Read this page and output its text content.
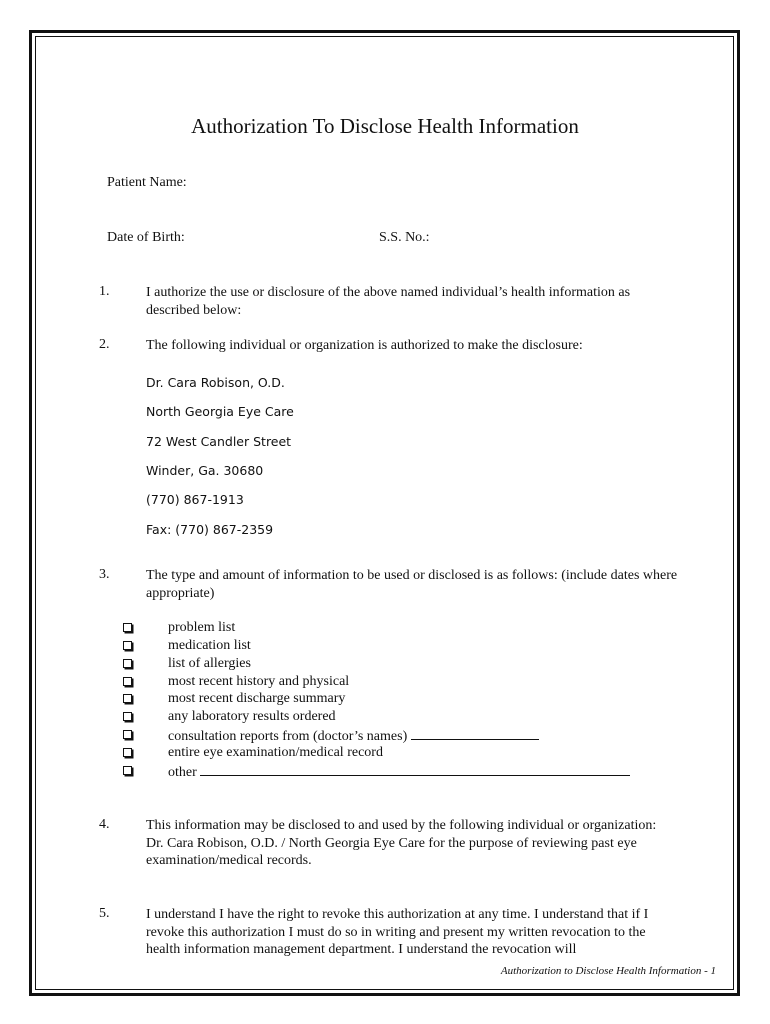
Authorization To Disclose Health Information
Patient Name:
Date of Birth:	S.S. No.:
1.	I authorize the use or disclosure of the above named individual’s health information as described below:
2.	The following individual or organization is authorized to make the disclosure:
Dr. Cara Robison, O.D.
North Georgia Eye Care
72 West Candler Street
Winder, Ga. 30680
(770) 867-1913
Fax: (770) 867-2359
3.	The type and amount of information to be used or disclosed is as follows: (include dates where appropriate)
problem list
medication list
list of allergies
most recent history and physical
most recent discharge summary
any laboratory results ordered
consultation reports from (doctor’s names)
entire eye examination/medical record
other
4.	This information may be disclosed to and used by the following individual or organization: Dr. Cara Robison, O.D. / North Georgia Eye Care for the purpose of reviewing past eye examination/medical records.
5.	I understand I have the right to revoke this authorization at any time. I understand that if I revoke this authorization I must do so in writing and present my written revocation to the health information management department. I understand the revocation will
Authorization to Disclose Health Information - 1
